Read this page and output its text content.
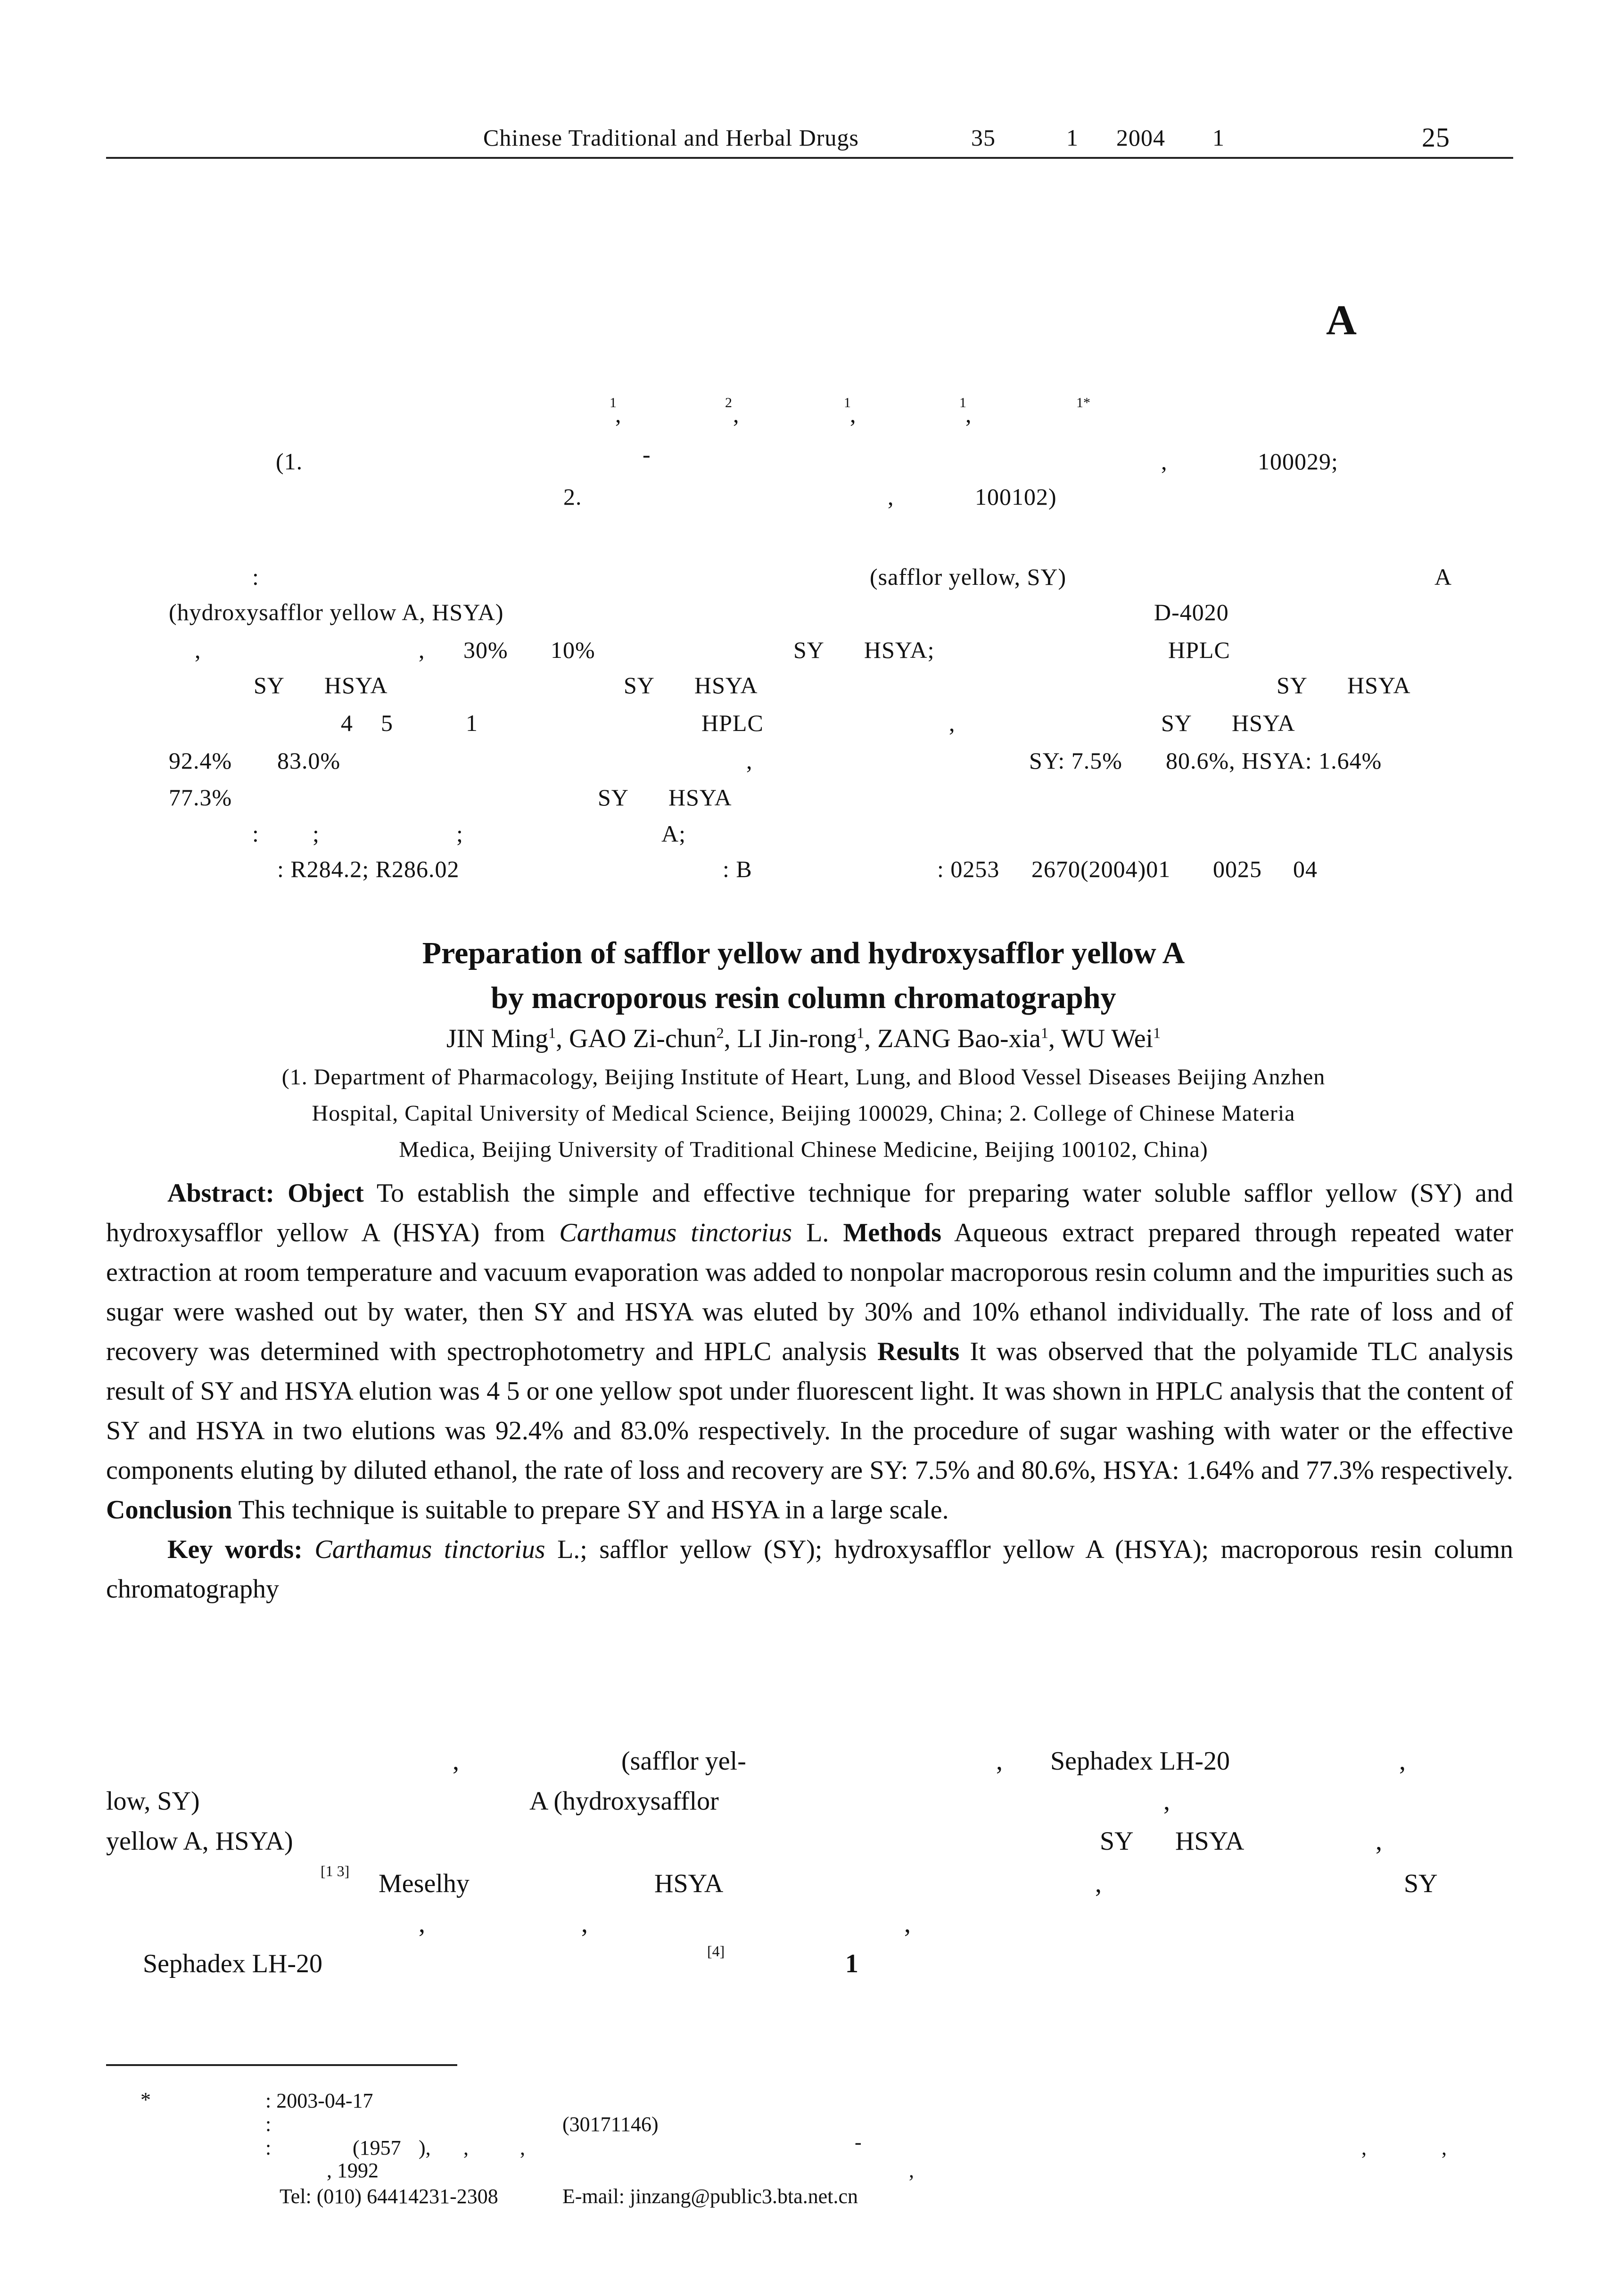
Chinese Traditional and Herbal Drugs	35	1 2004 1	25
A
1
,	2 ,	1
,	1
,	1*
(1.	-	,	100029;
2.	,	100102)
:	(safflor yellow, SY)	A
(hydroxysafflor yellow A, HSYA)	D-4020
,	, 30% 10%	SY HSYA;	HPLC
SY HSYA	SY HSYA	SY HSYA
4 5	1	HPLC	,	SY HSYA
92.4% 83.0%	,	SY: 7.5% 80.6%, HSYA: 1.64%
77.3%	SY HSYA
: ;	;	A;
: R284.2; R286.02	: B	: 0253 2670(2004)01 0025 04
Preparation of safflor yellow and hydroxysafflor yellow A
by macroporous resin column chromatography
JIN Ming$^1$, GAO Zi-chun$^2$, LI Jin-rong$^1$, ZANG Bao-xia$^1$, WU Wei$^1$
(1. Department of Pharmacology, Beijing Institute of Heart, Lung, and Blood Vessel Diseases Beijing Anzhen
Hospital, Capital University of Medical Science, Beijing 100029, China; 2. College of Chinese Materia
Medica, Beijing University of Traditional Chinese Medicine, Beijing 100102, China)

Abstract: Object To establish the simple and effective technique for preparing water soluble safflor yellow (SY) and hydroxysafflor yellow A (HSYA) from Carthamus tinctorius L. Methods Aqueous extract prepared through repeated water extraction at room temperature and vacuum evaporation was added to nonpolar macroporous resin column and the impurities such as sugar were washed out by water, then SY and HSYA was eluted by 30% and 10% ethanol individually. The rate of loss and of recovery was determined with spectrophotometry and HPLC analysis Results It was observed that the polyamide TLC analysis result of SY and HSYA elution was 4 5 or one yellow spot under fluorescent light. It was shown in HPLC analysis that the content of SY and HSYA in two elutions was 92.4% and 83.0% respectively. In the procedure of sugar washing with water or the effective components eluting by diluted ethanol, the rate of loss and recovery are SY: 7.5% and 80.6%, HSYA: 1.64% and 77.3% respectively. Conclusion This technique is suitable to prepare SY and HSYA in a large scale.

Key words: Carthamus tinctorius L.; safflor yellow (SY); hydroxysafflor yellow A (HSYA); macroporous resin column chromatography

,	(safflor yel-	, Sephadex LH-20	,
low, SY)	A (hydroxysafflor	,
yellow A, HSYA)	SY HSYA	,
[1 3] Meselhy	HSYA	,	SY
,	,	,
Sephadex LH-20	[4]	1
*	: 2003-04-17
:	(30171146)
:	(1957 ), , ,	-	,	,
, 1992	,
Tel: (010) 64414231-2308	E-mail: jinzang@public3.bta.net.cn
